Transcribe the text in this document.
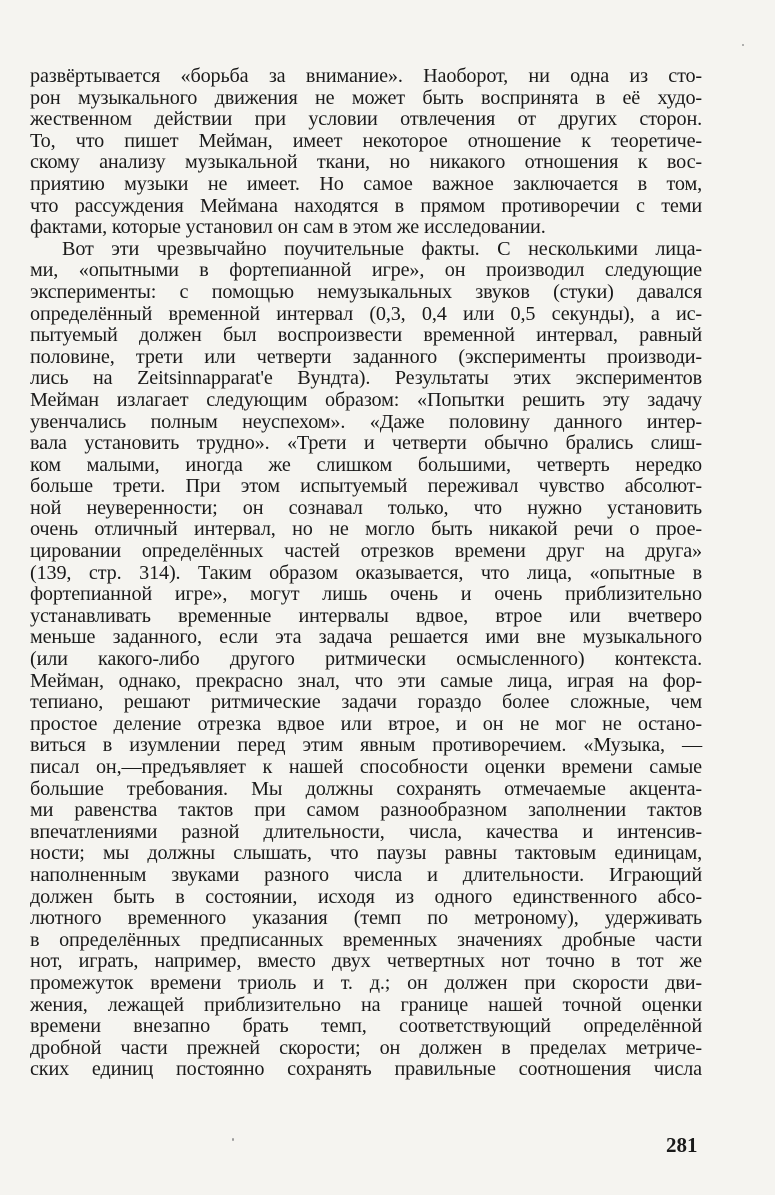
развёртывается «борьба за внимание». Наоборот, ни одна из сто-
рон музыкального движения не может быть воспринята в её худо-
жественном действии при условии отвлечения от других сторон.
То, что пишет Мейман, имеет некоторое отношение к теоретиче-
скому анализу музыкальной ткани, но никакого отношения к вос-
приятию музыки не имеет. Но самое важное заключается в том,
что рассуждения Меймана находятся в прямом противоречии с теми
фактами, которые установил он сам в этом же исследовании.
Вот эти чрезвычайно поучительные факты. С несколькими лица-
ми, «опытными в фортепианной игре», он производил следующие
эксперименты: с помощью немузыкальных звуков (стуки) давался
определённый временной интервал (0,3, 0,4 или 0,5 секунды), а ис-
пытуемый должен был воспроизвести временной интервал, равный
половине, трети или четверти заданного (эксперименты производи-
лись на Zeitsinnapparat'e Вундта). Результаты этих экспериментов
Мейман излагает следующим образом: «Попытки решить эту задачу
увенчались полным неуспехом». «Даже половину данного интер-
вала установить трудно». «Трети и четверти обычно брались слиш-
ком малыми, иногда же слишком большими, четверть нередко
больше трети. При этом испытуемый переживал чувство абсолют-
ной неуверенности; он сознавал только, что нужно установить
очень отличный интервал, но не могло быть никакой речи о прое-
цировании определённых частей отрезков времени друг на друга»
(139, стр. 314). Таким образом оказывается, что лица, «опытные в
фортепианной игре», могут лишь очень и очень приблизительно
устанавливать временные интервалы вдвое, втрое или вчетверо
меньше заданного, если эта задача решается ими вне музыкального
(или какого-либо другого ритмически осмысленного) контекста.
Мейман, однако, прекрасно знал, что эти самые лица, играя на фор-
тепиано, решают ритмические задачи гораздо более сложные, чем
простое деление отрезка вдвое или втрое, и он не мог не остано-
виться в изумлении перед этим явным противоречием. «Музыка, —
писал он,—предъявляет к нашей способности оценки времени самые
большие требования. Мы должны сохранять отмечаемые акцента-
ми равенства тактов при самом разнообразном заполнении тактов
впечатлениями разной длительности, числа, качества и интенсив-
ности; мы должны слышать, что паузы равны тактовым единицам,
наполненным звуками разного числа и длительности. Играющий
должен быть в состоянии, исходя из одного единственного абсо-
лютного временного указания (темп по метроному), удерживать
в определённых предписанных временных значениях дробные части
нот, играть, например, вместо двух четвертных нот точно в тот же
промежуток времени триоль и т. д.; он должен при скорости дви-
жения, лежащей приблизительно на границе нашей точной оценки
времени внезапно брать темп, соответствующий определённой
дробной части прежней скорости; он должен в пределах метриче-
ских единиц постоянно сохранять правильные соотношения числа
281
